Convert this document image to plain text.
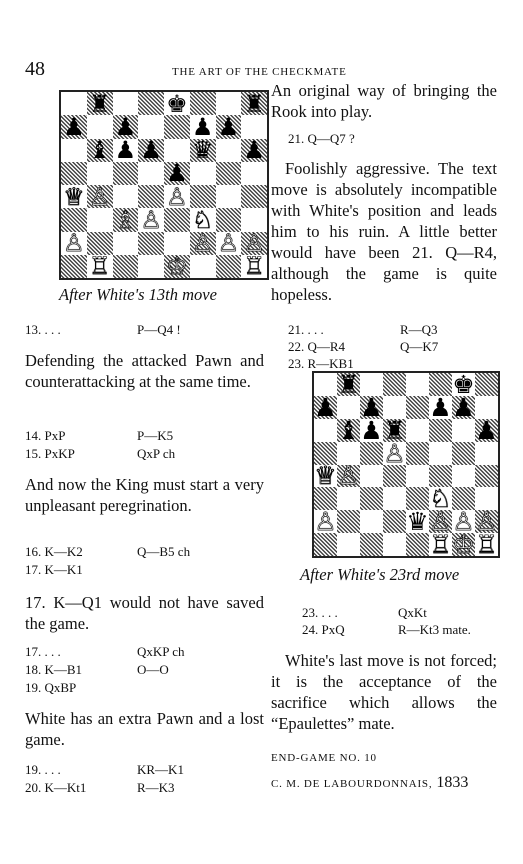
48	THE ART OF THE CHECKMATE
♜ ♚ ♜
♟ ♟ ♟ ♟
♝ ♟ ♟ ♛ ♟
♟
♕ ♙ ♙
♗ ♙ ♘
♙	♙ ♙ ♙
♖ ♔ ♖
After White's 13th move
13. . . .	P—Q4 !
Defending the attacked Pawn and counterattacking at the same time.
14. PxP	P—K5
15. PxKP	QxP ch
And now the King must start a very unpleasant peregrination.
16. K—K2	Q—B5 ch
17. K—K1
17. K—Q1 would not have saved the game.
17. . . .	QxKP ch
18. K—B1	O—O
19. QxBP
White has an extra Pawn and a lost game.
19. . . .	KR—K1
20. K—Kt1	R—K3
An original way of bringing the Rook into play.
21. Q—Q7 ?
Foolishly aggressive. The text move is absolutely incompatible with White's position and leads him to his ruin. A little better would have been 21. Q—R4, although the game is quite hopeless.
21. . . .	R—Q3
22. Q—R4	Q—K7
23. R—KB1
♜	♚
♟ ♟ ♟ ♟
♝ ♟ ♜	♟
♙
♕ ♙
♘
♙	♛ ♙ ♙ ♙
♖ ♔ ♖
After White's 23rd move
23. . . .	QxKt
24. PxQ	R—Kt3 mate.
White's last move is not forced; it is the acceptance of the sacrifice which allows the “Epaulettes” mate.
END-GAME NO. 10
C. M. DE LABOURDONNAIS, 1833
